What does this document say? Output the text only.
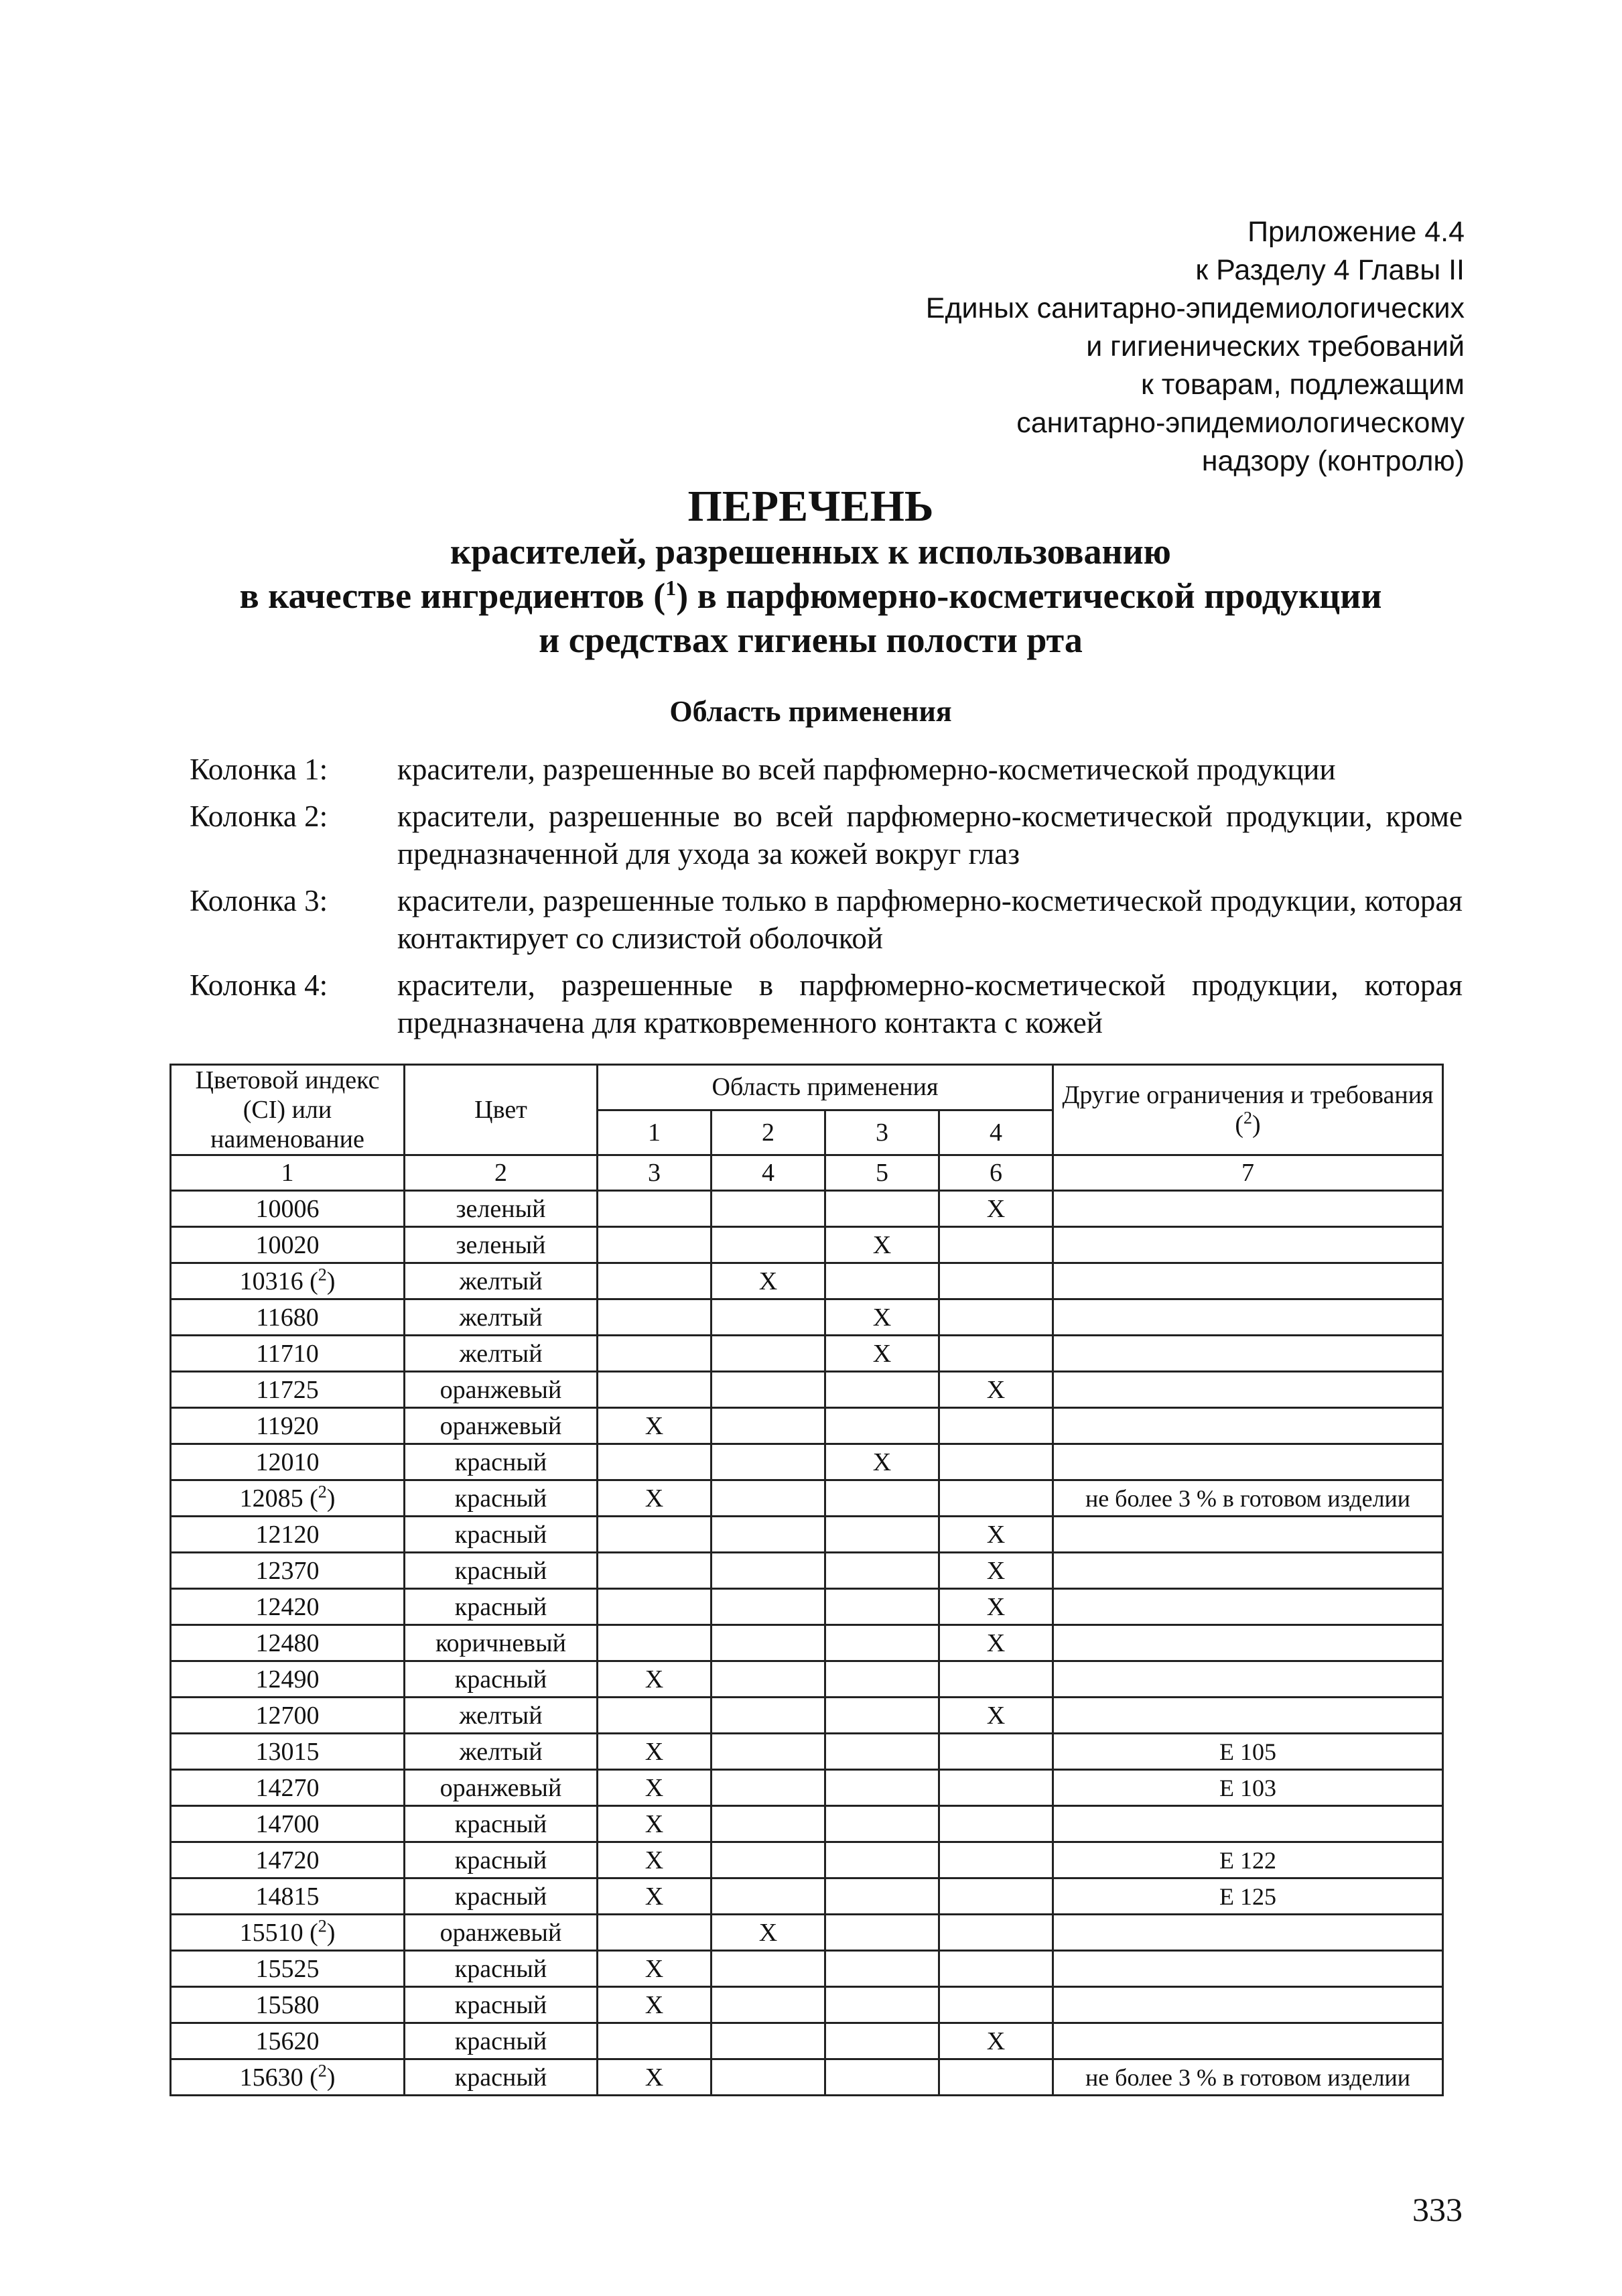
Приложение 4.4
к Разделу 4 Главы II
Единых санитарно-эпидемиологических
и гигиенических требований
к товарам, подлежащим
санитарно-эпидемиологическому
надзору (контролю)
ПЕРЕЧЕНЬ
красителей, разрешенных к использованию
в качестве ингредиентов ($^1$) в парфюмерно-косметической продукции
и средствах гигиены полости рта
Область применения
Колонка 1:	красители, разрешенные во всей парфюмерно-косметической продукции
Колонка 2:	красители, разрешенные во всей парфюмерно-косметической продукции, кроме предназначенной для ухода за кожей вокруг глаз
Колонка 3:	красители, разрешенные только в парфюмерно-косметической продукции, которая контактирует со слизистой оболочкой
Колонка 4:	красители, разрешенные в парфюмерно-косметической продукции, которая предназначена для кратковременного контакта с кожей
Цветовой индекс (CI) или наименование	Цвет	Область применения				Другие ограничения и требования ($^2$)
		1	2	3	4	
1	2	3	4	5	6	7
10006	зеленый				X	
10020	зеленый			X		
10316 ($^2$)	желтый		X			
11680	желтый			X		
11710	желтый			X		
11725	оранжевый				X	
11920	оранжевый	X				
12010	красный			X		
12085 ($^2$)	красный	X				не более 3 % в готовом изделии
12120	красный				X	
12370	красный				X	
12420	красный				X	
12480	коричневый				X	
12490	красный	X				
12700	желтый				X	
13015	желтый	X				E 105
14270	оранжевый	X				E 103
14700	красный	X				
14720	красный	X				E 122
14815	красный	X				E 125
15510 ($^2$)	оранжевый		X			
15525	красный	X				
15580	красный	X				
15620	красный				X	
15630 ($^2$)	красный	X				не более 3 % в готовом изделии
333
